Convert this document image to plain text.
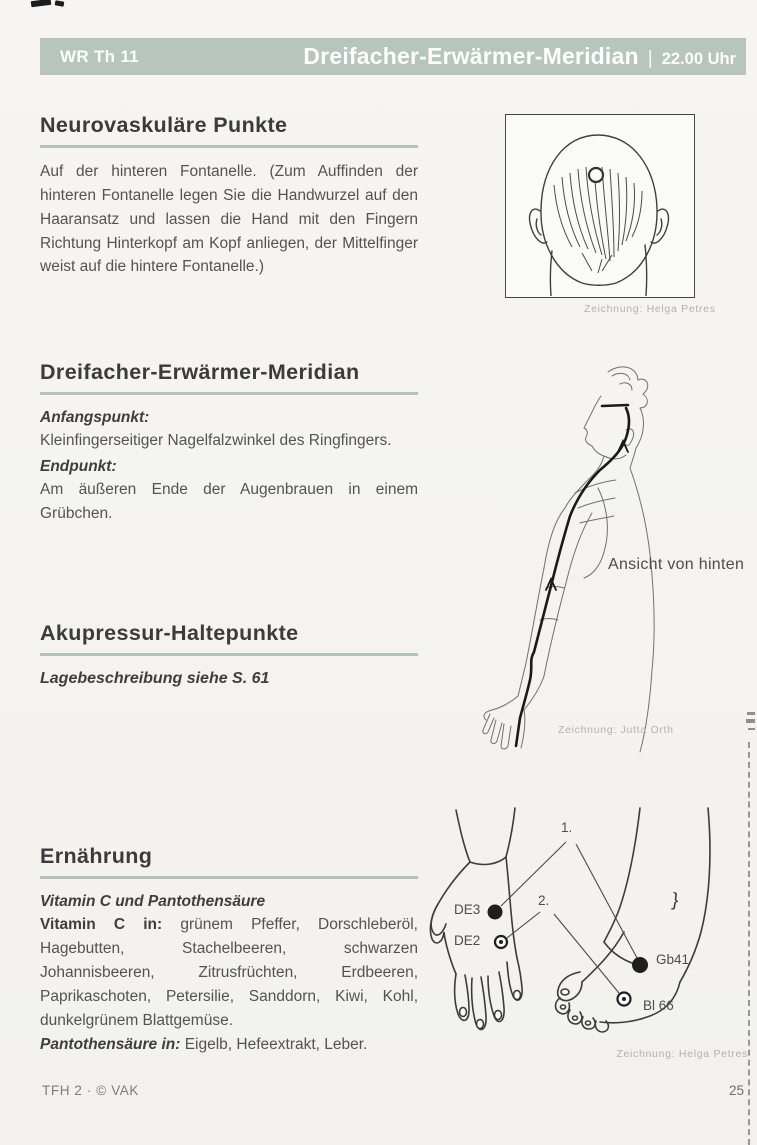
WR Th 11	Dreifacher-Erwärmer-Meridian | 22.00 Uhr
Neurovaskuläre Punkte

Auf der hinteren Fontanelle. (Zum Auffinden der hinteren Fontanelle legen Sie die Handwurzel auf den Haaransatz und lassen die Hand mit den Fingern Richtung Hinterkopf am Kopf anliegen, der Mittelfinger weist auf die hintere Fontanelle.)

Zeichnung: Helga Petres
Dreifacher-Erwärmer-Meridian

Anfangspunkt:

Kleinfingerseitiger Nagelfalzwinkel des Ringfingers.

Endpunkt:

Am äußeren Ende der Augenbrauen in einem Grübchen.

Ansicht von hinten
Zeichnung: Jutta Orth
Akupressur-Haltepunkte

Lagebeschreibung siehe S. 61

Ernährung

Vitamin C und Pantothensäure

Vitamin C in: grünem Pfeffer, Dorschleberöl, Hagebutten, Stachelbeeren, schwarzen Johannisbeeren, Zitrusfrüchten, Erdbeeren, Paprikaschoten, Petersilie, Sanddorn, Kiwi, Kohl, dunkelgrünem Blattgemüse.

Pantothensäure in: Eigelb, Hefeextrakt, Leber.

1.
2.
DE3
DE2
Gb41
Bl 66
}
Zeichnung: Helga Petres
TFH 2 · © VAK	25
